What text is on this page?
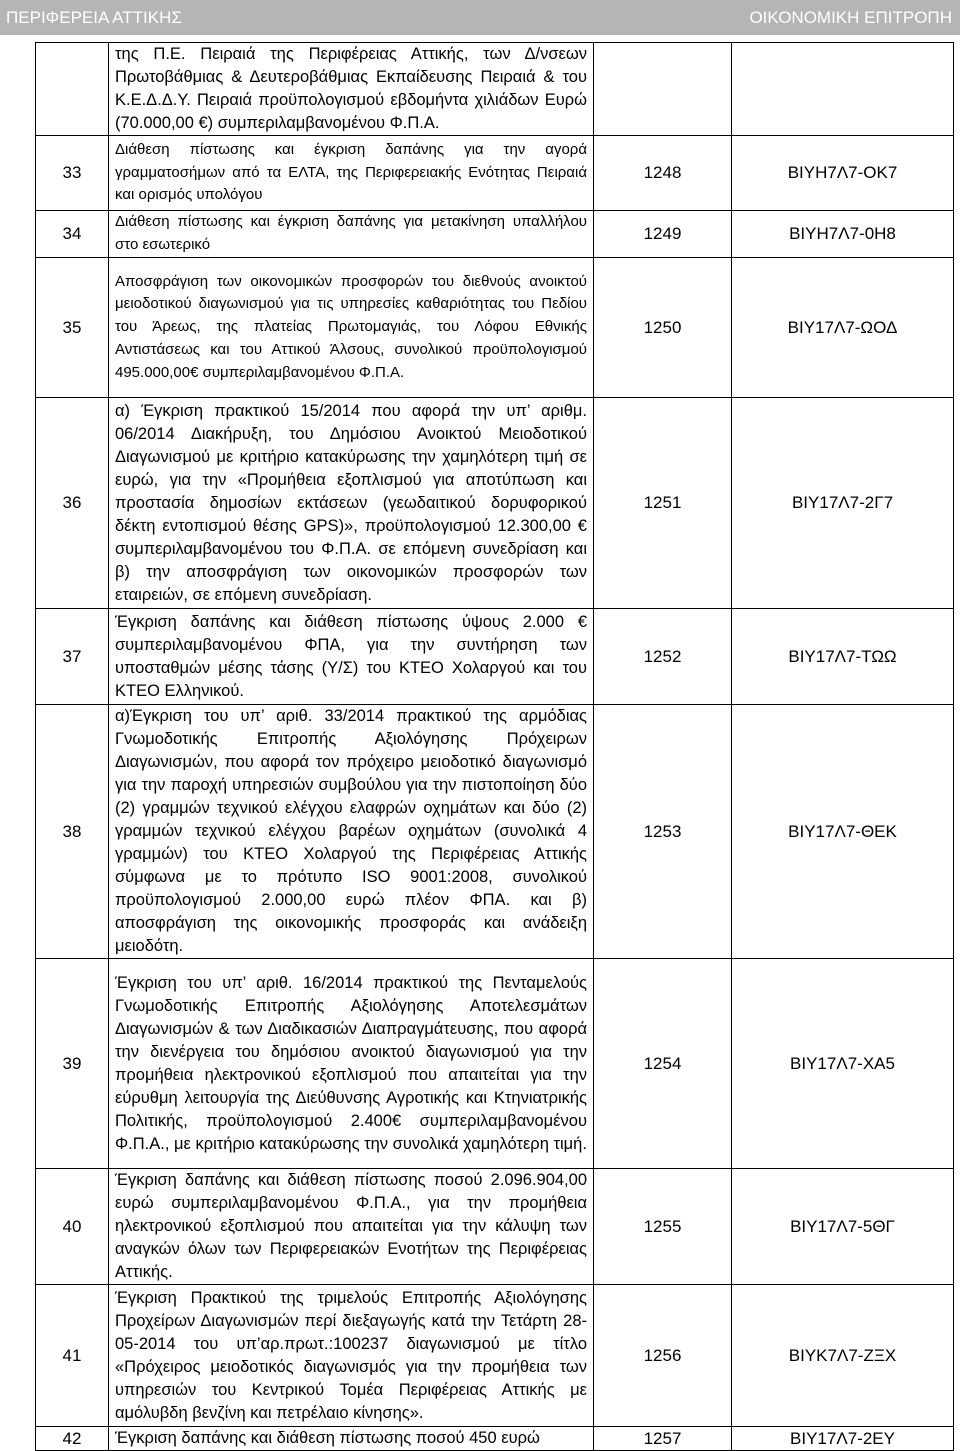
ΠΕΡΙΦΕΡΕΙΑ ΑΤΤΙΚΗΣ	ΟΙΚΟΝΟΜΙΚΗ ΕΠΙΤΡΟΠΗ
	της Π.Ε. Πειραιά της Περιφέρειας Αττικής, των Δ/νσεων Πρωτοβάθμιας & Δευτεροβάθμιας Εκπαίδευσης Πειραιά & του Κ.Ε.Δ.Δ.Υ. Πειραιά προϋπολογισμού εβδομήντα χιλιάδων Ευρώ (70.000,00 €) συμπεριλαμβανομένου Φ.Π.Α.		
33	Διάθεση πίστωσης και έγκριση δαπάνης για την αγορά γραμματοσήμων από τα ΕΛΤΑ, της Περιφερειακής Ενότητας Πειραιά και ορισμός υπολόγου	1248	ΒΙΥΗ7Λ7-ΟΚ7
34	Διάθεση πίστωσης και έγκριση δαπάνης για μετακίνηση υπαλλήλου στο εσωτερικό	1249	ΒΙΥΗ7Λ7-0Η8
35	Αποσφράγιση των οικονομικών προσφορών του διεθνούς ανοικτού μειοδοτικού διαγωνισμού για τις υπηρεσίες καθαριότητας του Πεδίου του Άρεως, της πλατείας Πρωτομαγιάς, του Λόφου Εθνικής Αντιστάσεως και του Αττικού Άλσους, συνολικού προϋπολογισμού 495.000,00€ συμπεριλαμβανομένου Φ.Π.Α.	1250	ΒΙΥ17Λ7-ΩΟΔ
36	α) Έγκριση πρακτικού 15/2014 που αφορά την υπ’ αριθμ. 06/2014 Διακήρυξη, του Δημόσιου Ανοικτού Μειοδοτικού Διαγωνισμού με κριτήριο κατακύρωσης την χαμηλότερη τιμή σε ευρώ, για την «Προμήθεια εξοπλισμού για αποτύπωση και προστασία δημοσίων εκτάσεων (γεωδαιτικού δορυφορικού δέκτη εντοπισμού θέσης GPS)», προϋπολογισμού 12.300,00 € συμπεριλαμβανομένου του Φ.Π.Α. σε επόμενη συνεδρίαση και β) την αποσφράγιση των οικονομικών προσφορών των εταιρειών, σε επόμενη συνεδρίαση.	1251	ΒΙΥ17Λ7-2Γ7
37	Έγκριση δαπάνης και διάθεση πίστωσης ύψους 2.000 € συμπεριλαμβανομένου ΦΠΑ, για την συντήρηση των υποσταθμών μέσης τάσης (Υ/Σ) του ΚΤΕΟ Χολαργού και του ΚΤΕΟ Ελληνικού.	1252	ΒΙΥ17Λ7-ΤΩΩ
38	α)Έγκριση του υπ’ αριθ. 33/2014 πρακτικού της αρμόδιας Γνωμοδοτικής Επιτροπής Αξιολόγησης Πρόχειρων Διαγωνισμών, που αφορά τον πρόχειρο μειοδοτικό διαγωνισμό για την παροχή υπηρεσιών συμβούλου για την πιστοποίηση δύο (2) γραμμών τεχνικού ελέγχου ελαφρών οχημάτων και δύο (2) γραμμών τεχνικού ελέγχου βαρέων οχημάτων (συνολικά 4 γραμμών) του ΚΤΕΟ Χολαργού της Περιφέρειας Αττικής σύμφωνα με το πρότυπο ISO 9001:2008, συνολικού προϋπολογισμού 2.000,00 ευρώ πλέον ΦΠΑ. και β) αποσφράγιση της οικονομικής προσφοράς και ανάδειξη μειοδότη.	1253	ΒΙΥ17Λ7-ΘΕΚ
39	Έγκριση του υπ’ αριθ. 16/2014 πρακτικού της Πενταμελούς Γνωμοδοτικής Επιτροπής Αξιολόγησης Αποτελεσμάτων Διαγωνισμών & των Διαδικασιών Διαπραγμάτευσης, που αφορά την διενέργεια του δημόσιου ανοικτού διαγωνισμού για την προμήθεια ηλεκτρονικού εξοπλισμού που απαιτείται για την εύρυθμη λειτουργία της Διεύθυνσης Αγροτικής και Κτηνιατρικής Πολιτικής, προϋπολογισμού 2.400€ συμπεριλαμβανομένου Φ.Π.Α., με κριτήριο κατακύρωσης την συνολικά χαμηλότερη τιμή.	1254	ΒΙΥ17Λ7-ΧΑ5
40	Έγκριση δαπάνης και διάθεση πίστωσης ποσού 2.096.904,00 ευρώ συμπεριλαμβανομένου Φ.Π.Α., για την προμήθεια ηλεκτρονικού εξοπλισμού που απαιτείται για την κάλυψη των αναγκών όλων των Περιφερειακών Ενοτήτων της Περιφέρειας Αττικής.	1255	ΒΙΥ17Λ7-5ΘΓ
41	Έγκριση Πρακτικού της τριμελούς Επιτροπής Αξιολόγησης Προχείρων Διαγωνισμών περί διεξαγωγής κατά την Τετάρτη 28-05-2014 του υπ’αρ.πρωτ.:100237 διαγωνισμού με τίτλο «Πρόχειρος μειοδοτικός διαγωνισμός για την προμήθεια των υπηρεσιών του Κεντρικού Τομέα Περιφέρειας Αττικής με αμόλυβδη βενζίνη και πετρέλαιο κίνησης».	1256	ΒΙΥΚ7Λ7-ΖΞΧ
42	Έγκριση δαπάνης και διάθεση πίστωσης ποσού 450 ευρώ	1257	ΒΙΥ17Λ7-2ΕΥ
